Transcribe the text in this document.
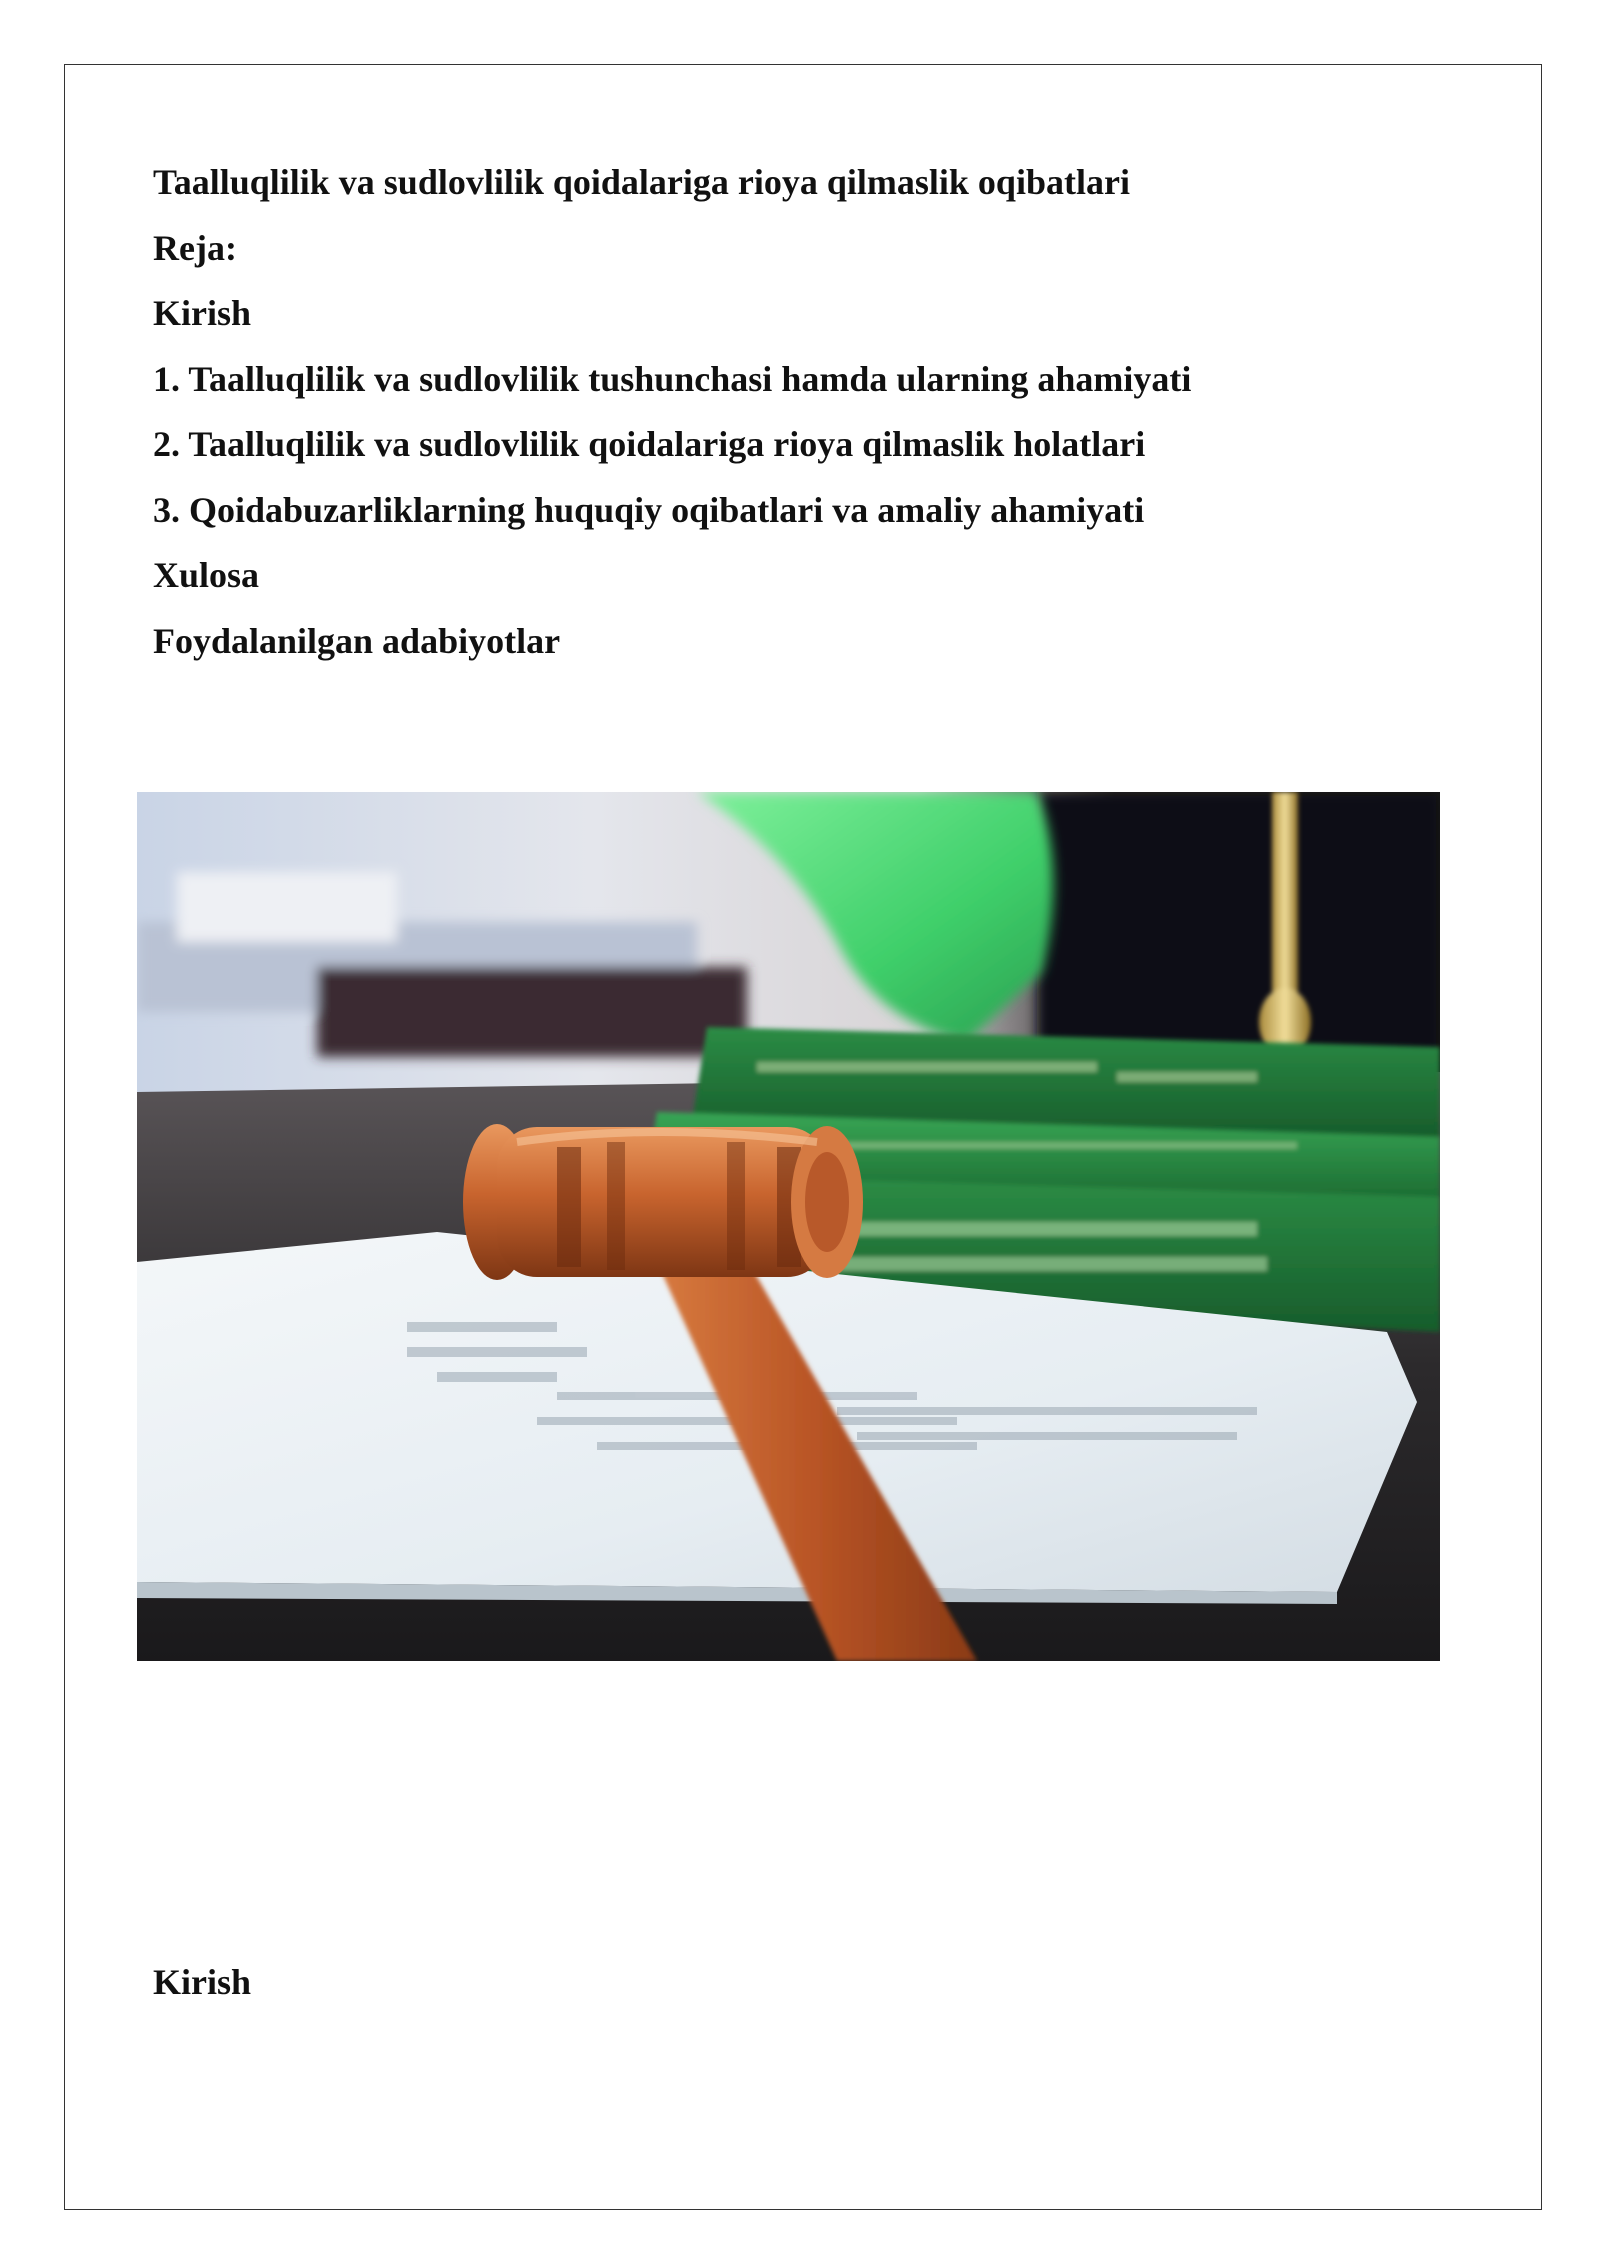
Taalluqlilik va sudlovlilik qoidalariga rioya qilmaslik oqibatlari
Reja:
Kirish
1. Taalluqlilik va sudlovlilik tushunchasi hamda ularning ahamiyati
2. Taalluqlilik va sudlovlilik qoidalariga rioya qilmaslik holatlari
3. Qoidabuzarliklarning huquqiy oqibatlari va amaliy ahamiyati
Xulosa
Foydalanilgan adabiyotlar
Kirish
